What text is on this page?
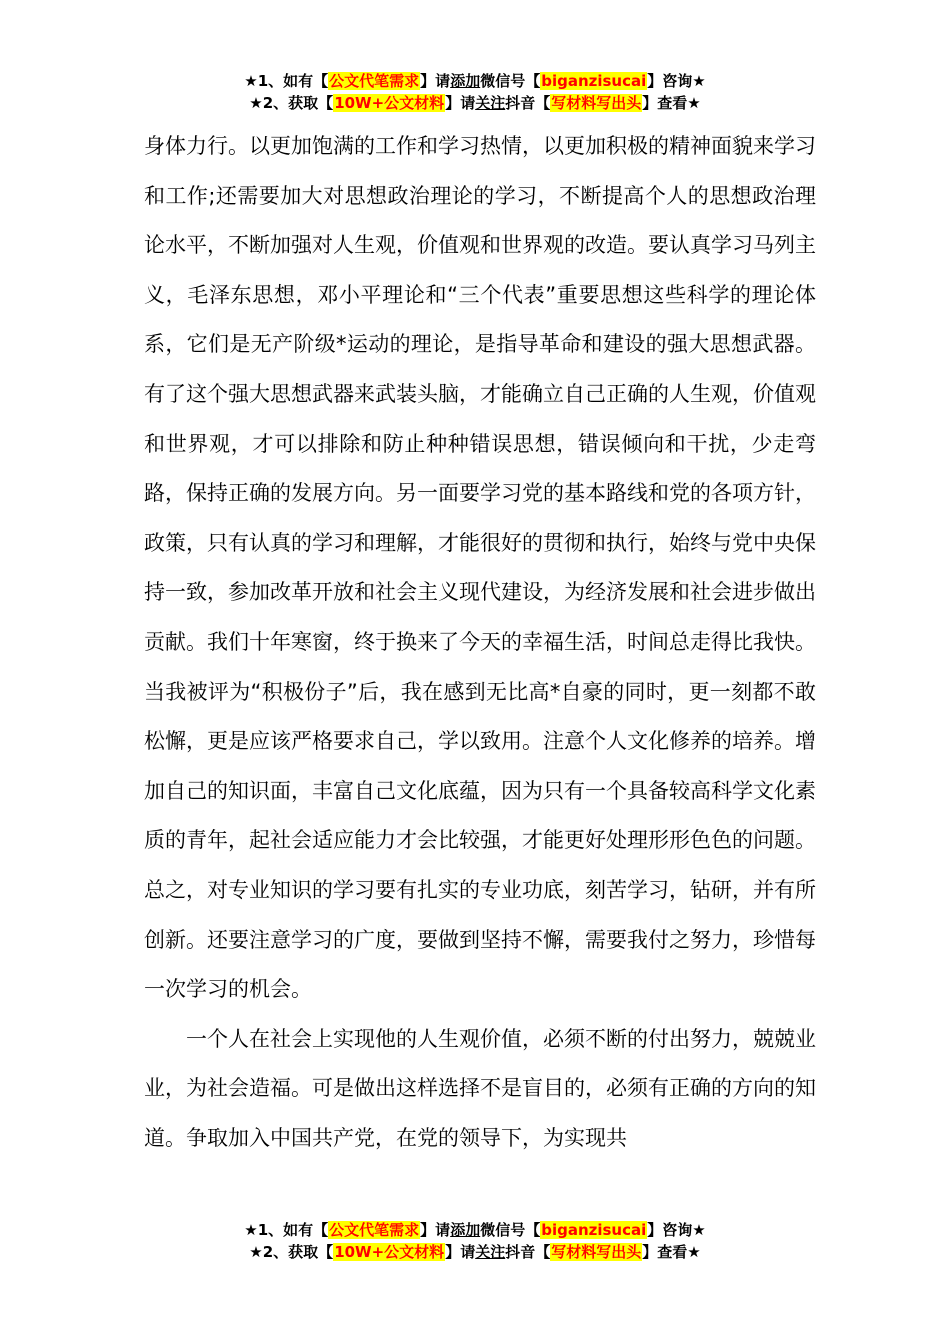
★1、如有【公文代笔需求】请添加微信号【biganzisucai】咨询★
★2、获取【10W+公文材料】请关注抖音【写材料写出头】查看★

身体力行。以更加饱满的工作和学习热情，以更加积极的精神面貌来学习和工作;还需要加大对思想政治理论的学习，不断提高个人的思想政治理论水平，不断加强对人生观，价值观和世界观的改造。要认真学习马列主义，毛泽东思想，邓小平理论和“三个代表”重要思想这些科学的理论体系，它们是无产阶级*运动的理论，是指导革命和建设的强大思想武器。有了这个强大思想武器来武装头脑，才能确立自己正确的人生观，价值观和世界观，才可以排除和防止种种错误思想，错误倾向和干扰，少走弯路，保持正确的发展方向。另一面要学习党的基本路线和党的各项方针，政策，只有认真的学习和理解，才能很好的贯彻和执行，始终与党中央保持一致，参加改革开放和社会主义现代建设，为经济发展和社会进步做出贡献。我们十年寒窗，终于换来了今天的幸福生活，时间总走得比我快。当我被评为“积极份子”后，我在感到无比高*自豪的同时，更一刻都不敢松懈，更是应该严格要求自己，学以致用。注意个人文化修养的培养。增加自己的知识面，丰富自己文化底蕴，因为只有一个具备较高科学文化素质的青年，起社会适应能力才会比较强，才能更好处理形形色色的问题。总之，对专业知识的学习要有扎实的专业功底，刻苦学习，钻研，并有所创新。还要注意学习的广度，要做到坚持不懈，需要我付之努力，珍惜每一次学习的机会。

一个人在社会上实现他的人生观价值，必须不断的付出努力，兢兢业业，为社会造福。可是做出这样选择不是盲目的，必须有正确的方向的知道。争取加入中国共产党，在党的领导下，为实现共

★1、如有【公文代笔需求】请添加微信号【biganzisucai】咨询★
★2、获取【10W+公文材料】请关注抖音【写材料写出头】查看★
